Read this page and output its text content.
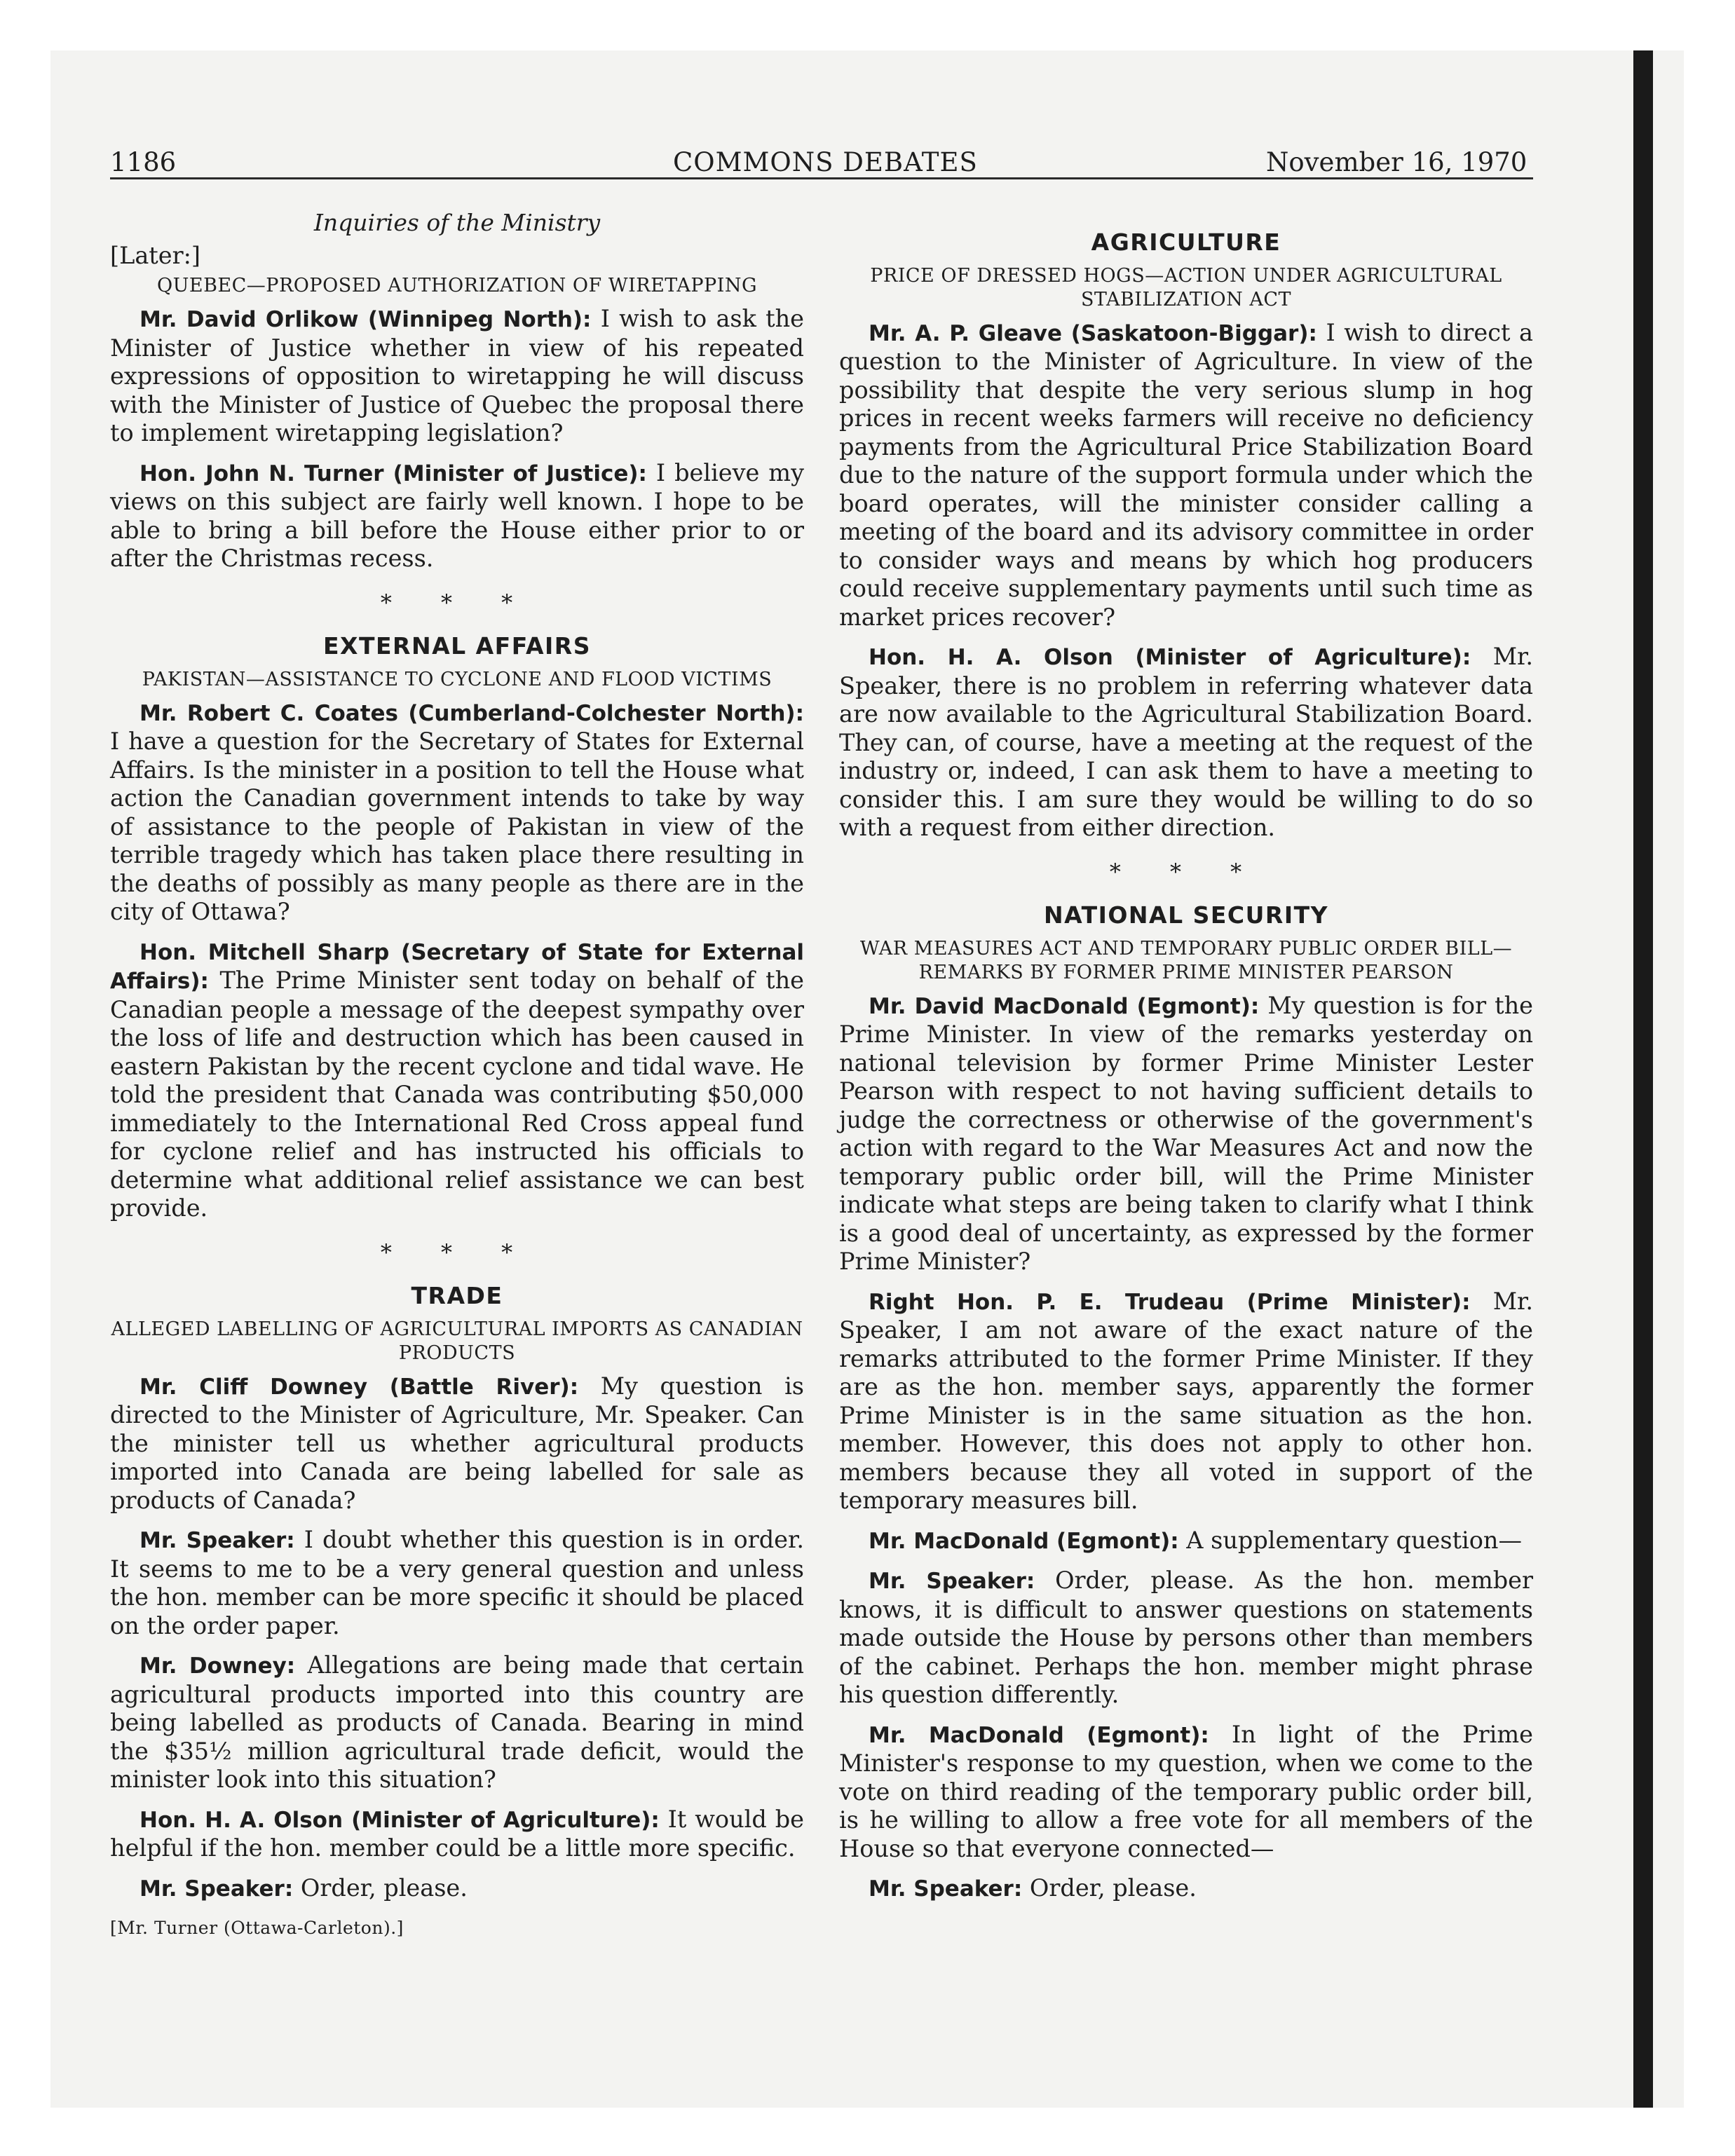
1186	COMMONS DEBATES	November 16, 1970
Inquiries of the Ministry
[Later:]
QUEBEC—PROPOSED AUTHORIZATION OF WIRETAPPING

Mr. David Orlikow (Winnipeg North): I wish to ask the Minister of Justice whether in view of his repeated expressions of opposition to wiretapping he will discuss with the Minister of Justice of Quebec the proposal there to implement wiretapping legislation?

Hon. John N. Turner (Minister of Justice): I believe my views on this subject are fairly well known. I hope to be able to bring a bill before the House either prior to or after the Christmas recess.

* * *
EXTERNAL AFFAIRS
PAKISTAN—ASSISTANCE TO CYCLONE AND FLOOD VICTIMS

Mr. Robert C. Coates (Cumberland-Colchester North): I have a question for the Secretary of States for External Affairs. Is the minister in a position to tell the House what action the Canadian government intends to take by way of assistance to the people of Pakistan in view of the terrible tragedy which has taken place there resulting in the deaths of possibly as many people as there are in the city of Ottawa?

Hon. Mitchell Sharp (Secretary of State for External Affairs): The Prime Minister sent today on behalf of the Canadian people a message of the deepest sympathy over the loss of life and destruction which has been caused in eastern Pakistan by the recent cyclone and tidal wave. He told the president that Canada was contributing $50,000 immediately to the International Red Cross appeal fund for cyclone relief and has instructed his officials to determine what additional relief assistance we can best provide.

* * *
TRADE
ALLEGED LABELLING OF AGRICULTURAL IMPORTS AS CANADIAN PRODUCTS

Mr. Cliff Downey (Battle River): My question is directed to the Minister of Agriculture, Mr. Speaker. Can the minister tell us whether agricultural products imported into Canada are being labelled for sale as products of Canada?

Mr. Speaker: I doubt whether this question is in order. It seems to me to be a very general question and unless the hon. member can be more specific it should be placed on the order paper.

Mr. Downey: Allegations are being made that certain agricultural products imported into this country are being labelled as products of Canada. Bearing in mind the $35½ million agricultural trade deficit, would the minister look into this situation?

Hon. H. A. Olson (Minister of Agriculture): It would be helpful if the hon. member could be a little more specific.

Mr. Speaker: Order, please.

[Mr. Turner (Ottawa-Carleton).]
AGRICULTURE
PRICE OF DRESSED HOGS—ACTION UNDER AGRICULTURAL STABILIZATION ACT

Mr. A. P. Gleave (Saskatoon-Biggar): I wish to direct a question to the Minister of Agriculture. In view of the possibility that despite the very serious slump in hog prices in recent weeks farmers will receive no deficiency payments from the Agricultural Price Stabilization Board due to the nature of the support formula under which the board operates, will the minister consider calling a meeting of the board and its advisory committee in order to consider ways and means by which hog producers could receive supplementary payments until such time as market prices recover?

Hon. H. A. Olson (Minister of Agriculture): Mr. Speaker, there is no problem in referring whatever data are now available to the Agricultural Stabilization Board. They can, of course, have a meeting at the request of the industry or, indeed, I can ask them to have a meeting to consider this. I am sure they would be willing to do so with a request from either direction.

* * *
NATIONAL SECURITY
WAR MEASURES ACT AND TEMPORARY PUBLIC ORDER BILL—REMARKS BY FORMER PRIME MINISTER PEARSON

Mr. David MacDonald (Egmont): My question is for the Prime Minister. In view of the remarks yesterday on national television by former Prime Minister Lester Pearson with respect to not having sufficient details to judge the correctness or otherwise of the government's action with regard to the War Measures Act and now the temporary public order bill, will the Prime Minister indicate what steps are being taken to clarify what I think is a good deal of uncertainty, as expressed by the former Prime Minister?

Right Hon. P. E. Trudeau (Prime Minister): Mr. Speaker, I am not aware of the exact nature of the remarks attributed to the former Prime Minister. If they are as the hon. member says, apparently the former Prime Minister is in the same situation as the hon. member. However, this does not apply to other hon. members because they all voted in support of the temporary measures bill.

Mr. MacDonald (Egmont): A supplementary question—

Mr. Speaker: Order, please. As the hon. member knows, it is difficult to answer questions on statements made outside the House by persons other than members of the cabinet. Perhaps the hon. member might phrase his question differently.

Mr. MacDonald (Egmont): In light of the Prime Minister's response to my question, when we come to the vote on third reading of the temporary public order bill, is he willing to allow a free vote for all members of the House so that everyone connected—

Mr. Speaker: Order, please.
